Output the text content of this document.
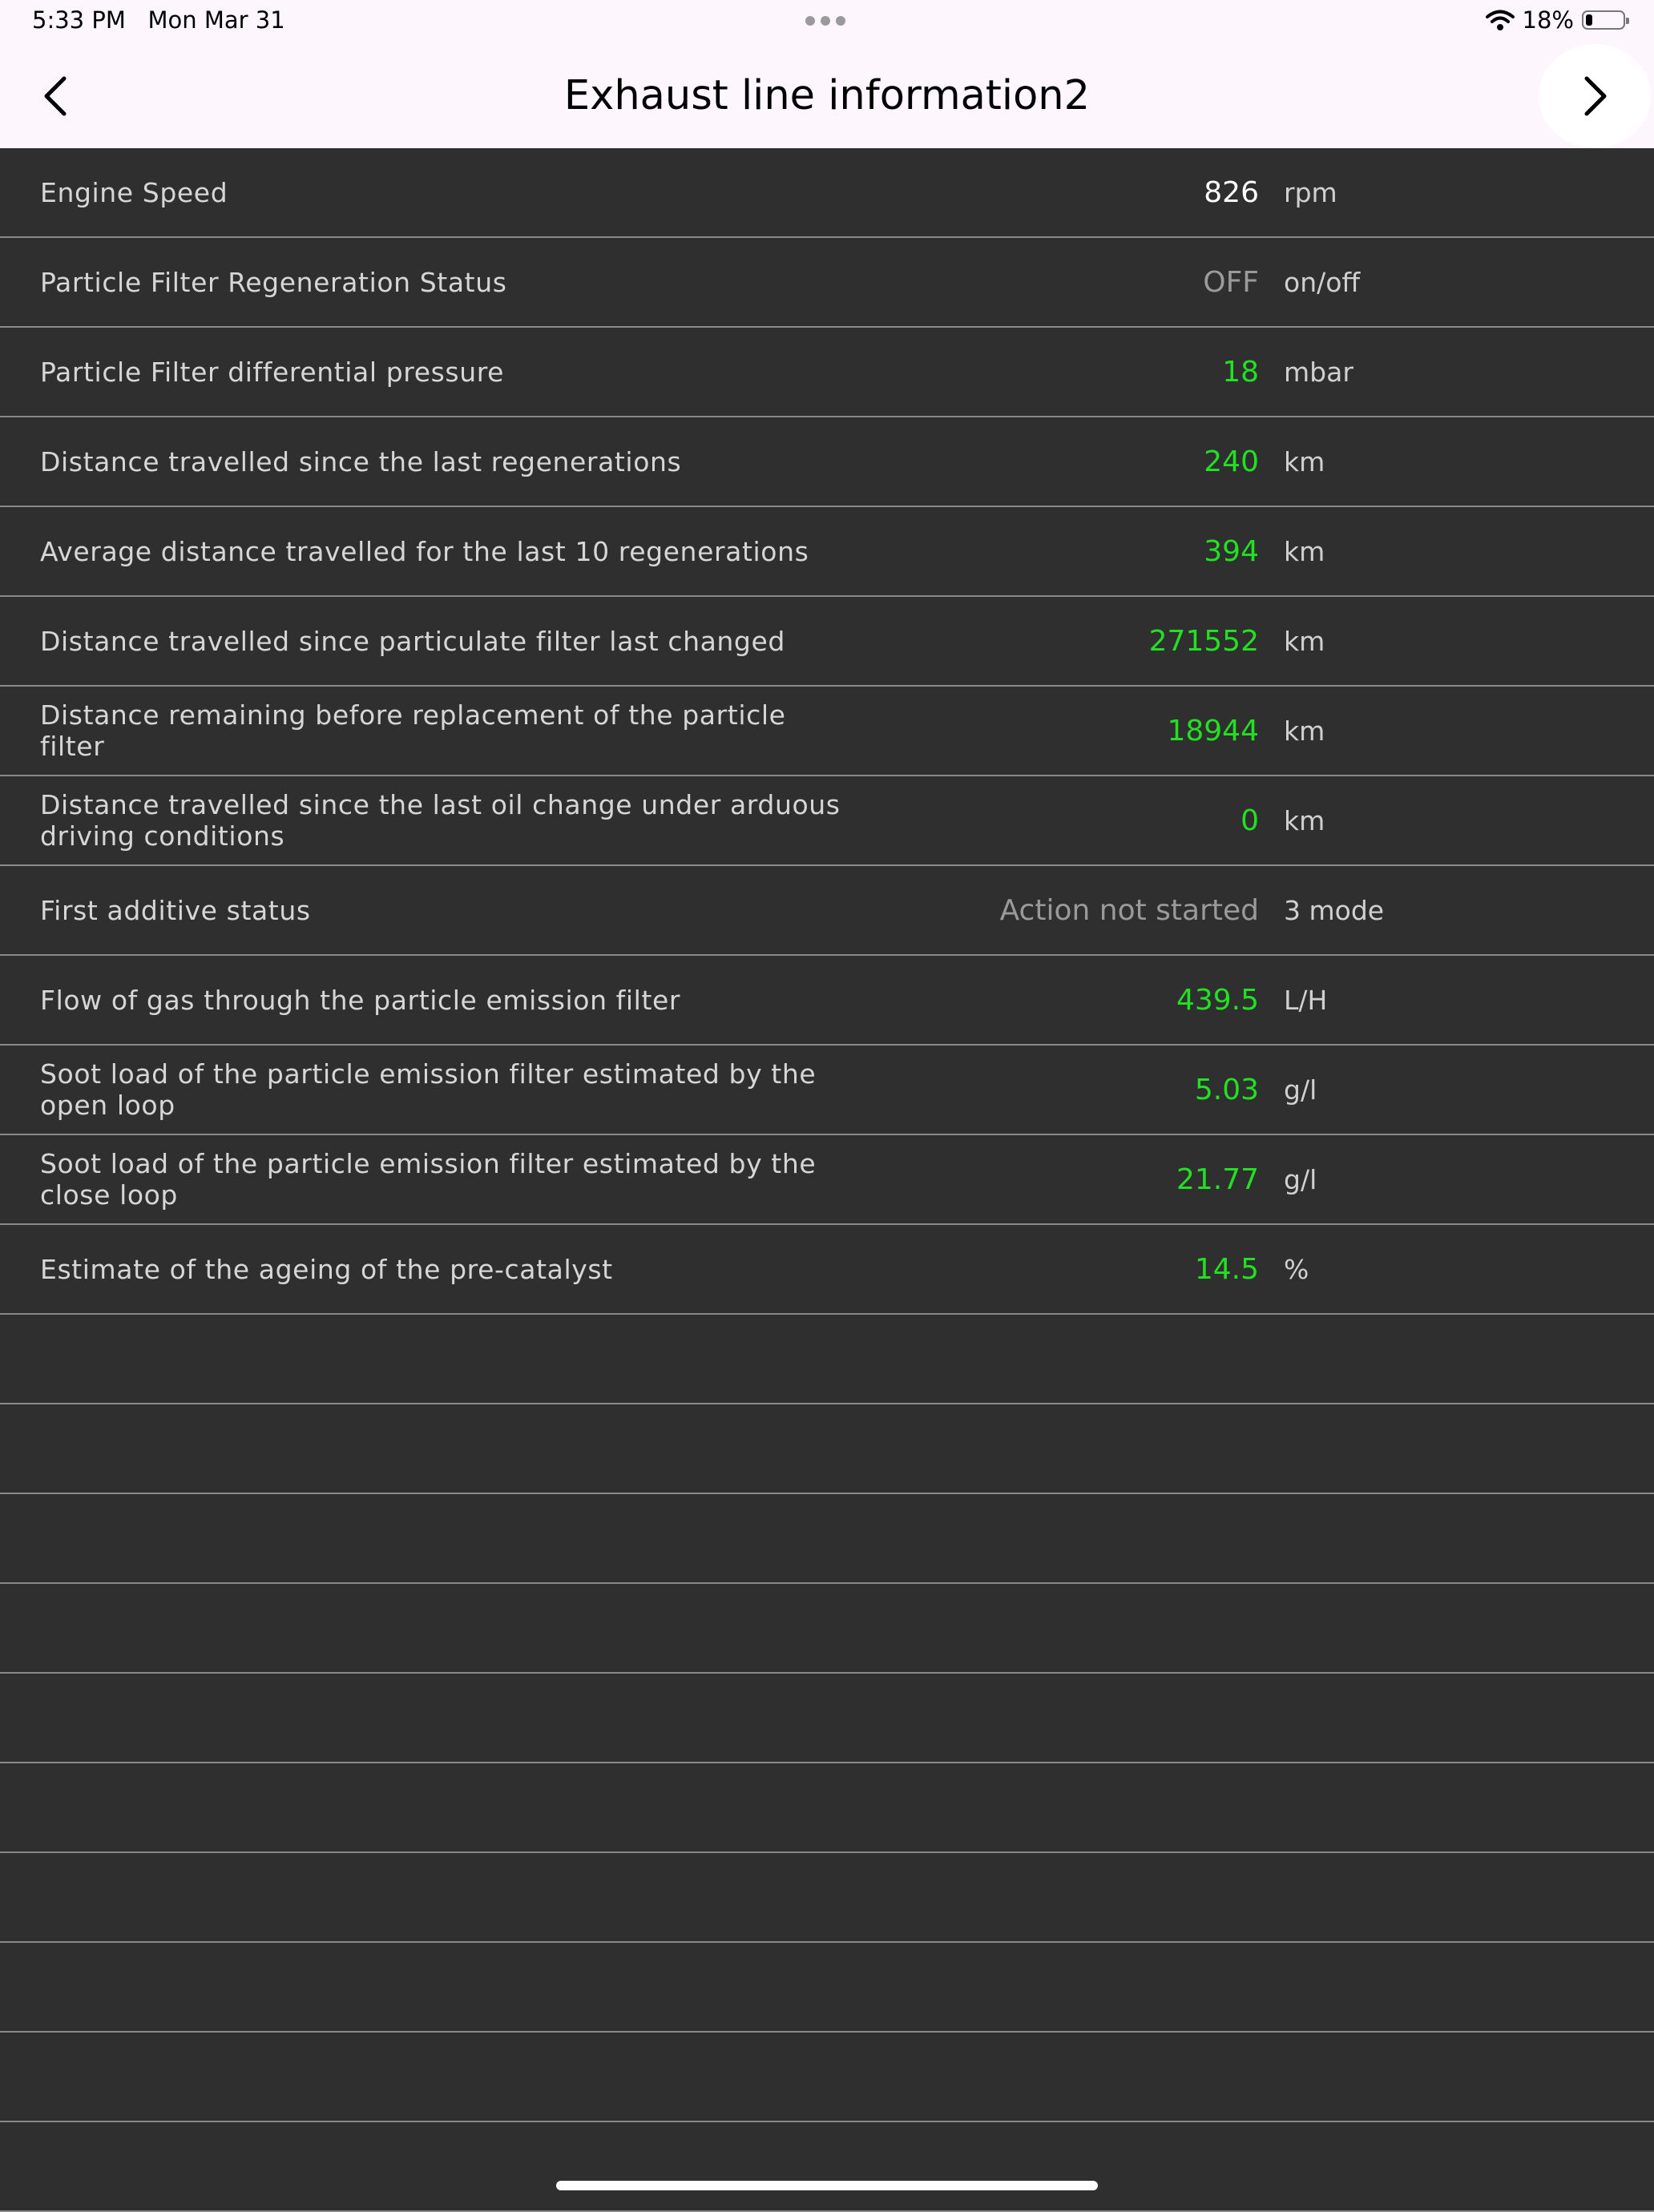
5:33 PM Mon Mar 31	18%
Exhaust line information2
Engine Speed	826 rpm
Particle Filter Regeneration Status	OFF on/off
Particle Filter differential pressure	18 mbar
Distance travelled since the last regenerations	240 km
Average distance travelled for the last 10 regenerations	394 km
Distance travelled since particulate filter last changed	271552 km
Distance remaining before replacement of the particle filter	18944 km
Distance travelled since the last oil change under arduous driving conditions	0 km
First additive status	Action not started 3 mode
Flow of gas through the particle emission filter	439.5 L/H
Soot load of the particle emission filter estimated by the open loop	5.03 g/l
Soot load of the particle emission filter estimated by the close loop	21.77 g/l
Estimate of the ageing of the pre-catalyst	14.5 %
